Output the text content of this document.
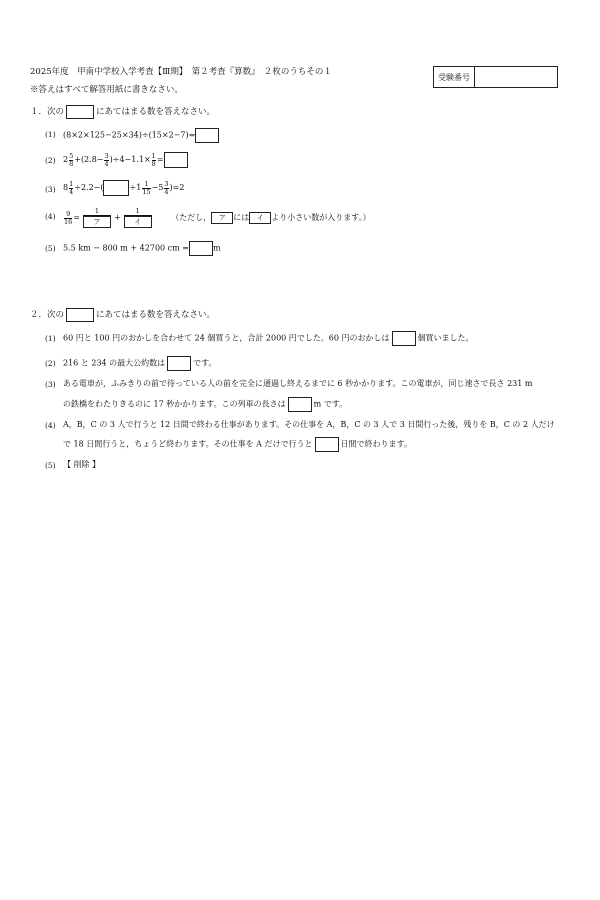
2025年度　甲南中学校入学考査【Ⅲ期】　第２考査『算数』　２枚のうちその１
※答えはすべて解答用紙に書きなさい。
受験番号	
１．次の	にあてはまる数を答えなさい。
(1) (8×2×125−25×34)÷(15×2−7)=
(2) $2 \frac{5}{8} +(2.8- \frac{3}{4} )\div 4-1.1\times \frac{1}{8}$ =
(3) $8 \frac{1}{4} \div 2.2-$(	$\div 1 \frac{1}{15} -5 \frac{3}{4} )=2$
$(4) \frac{9}{16} = \frac{1}{\text{ア}} + \frac{1}{\text{イ}}$ （ただし， ア には イ より小さい数が入ります。）
(5) 5.5 km − 800 m + 42700 cm =	m
２．次の	にあてはまる数を答えなさい。
(1) 60 円と 100 円のおかしを合わせて 24 個買うと，合計 2000 円でした。60 円のおかしは	個買いました。
(2) 216 と 234 の最大公約数は	です。
(3) ある電車が，ふみきりの前で待っている人の前を完全に通過し終えるまでに 6 秒かかります。この電車が，同じ速さで長さ 231 m
の鉄橋をわたりきるのに 17 秒かかります。この列車の長さは	m です。
(4) A，B，C の 3 人で行うと 12 日間で終わる仕事があります。その仕事を A，B，C の 3 人で 3 日間行った後，残りを B，C の 2 人だけ
で 18 日間行うと，ちょうど終わります。その仕事を A だけで行うと	日間で終わります。
(5) 【 削除 】
